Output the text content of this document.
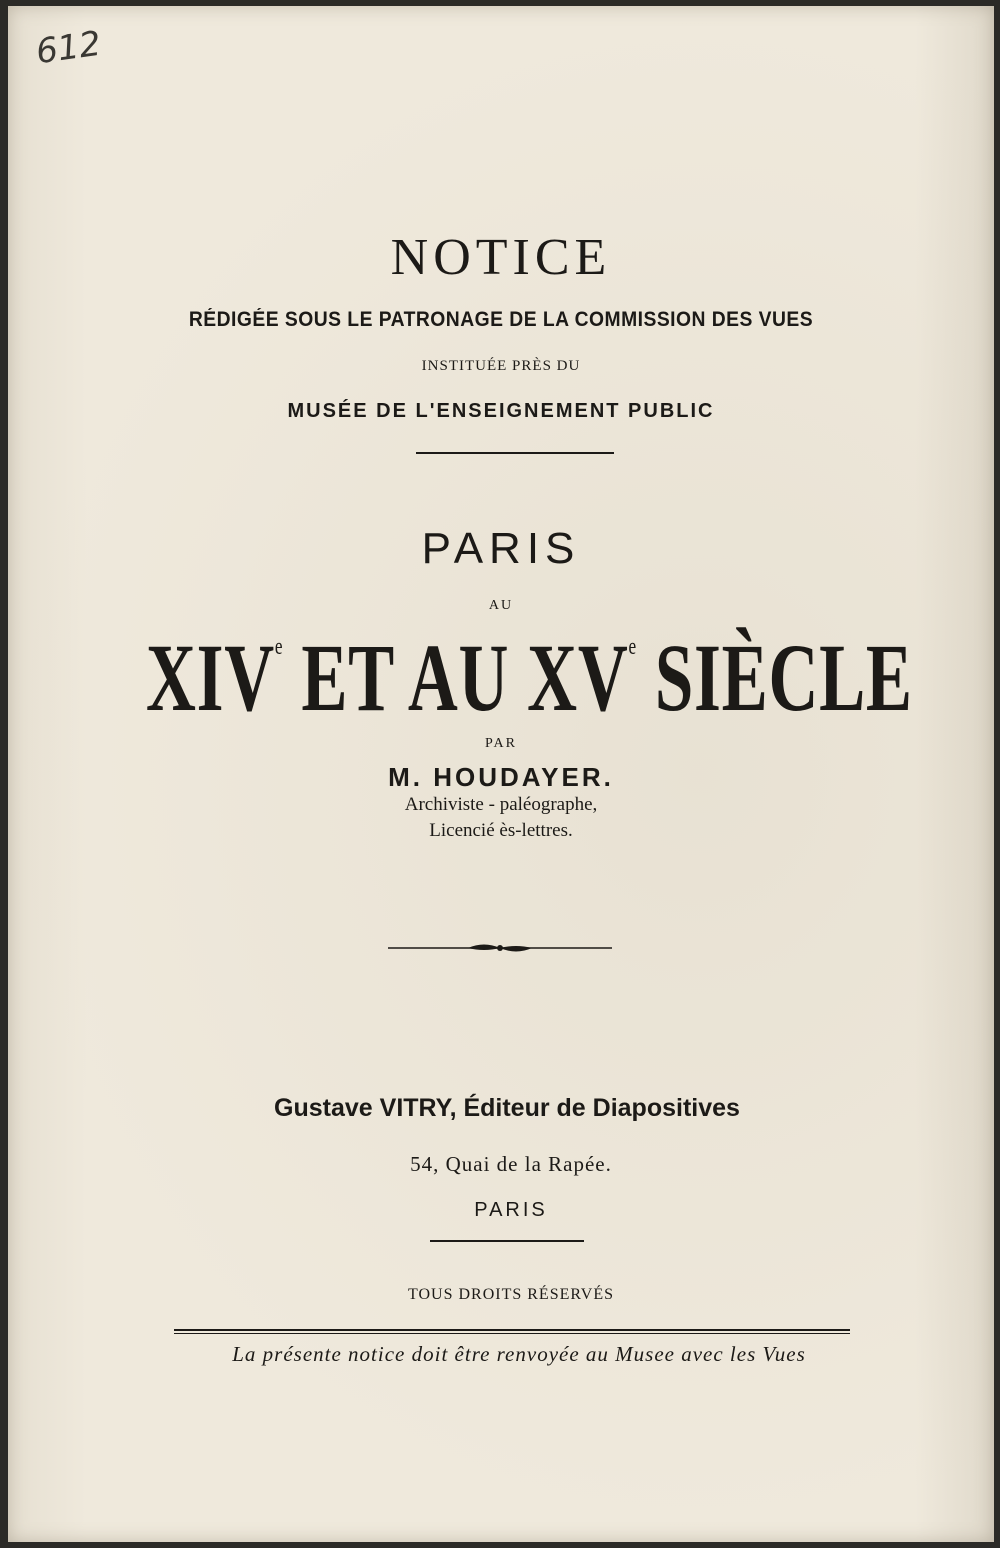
612
NOTICE
RÉDIGÉE SOUS LE PATRONAGE DE LA COMMISSION DES VUES
INSTITUÉE PRÈS DU
MUSÉE DE L'ENSEIGNEMENT PUBLIC
PARIS
AU
XIVe ET AU XVe SIÈCLE
PAR
M. HOUDAYER.
Archiviste - paléographe,
Licencié ès-lettres.
Gustave VITRY, Éditeur de Diapositives
54, Quai de la Rapée.
PARIS
TOUS DROITS RÉSERVÉS
La présente notice doit être renvoyée au Musee avec les Vues
